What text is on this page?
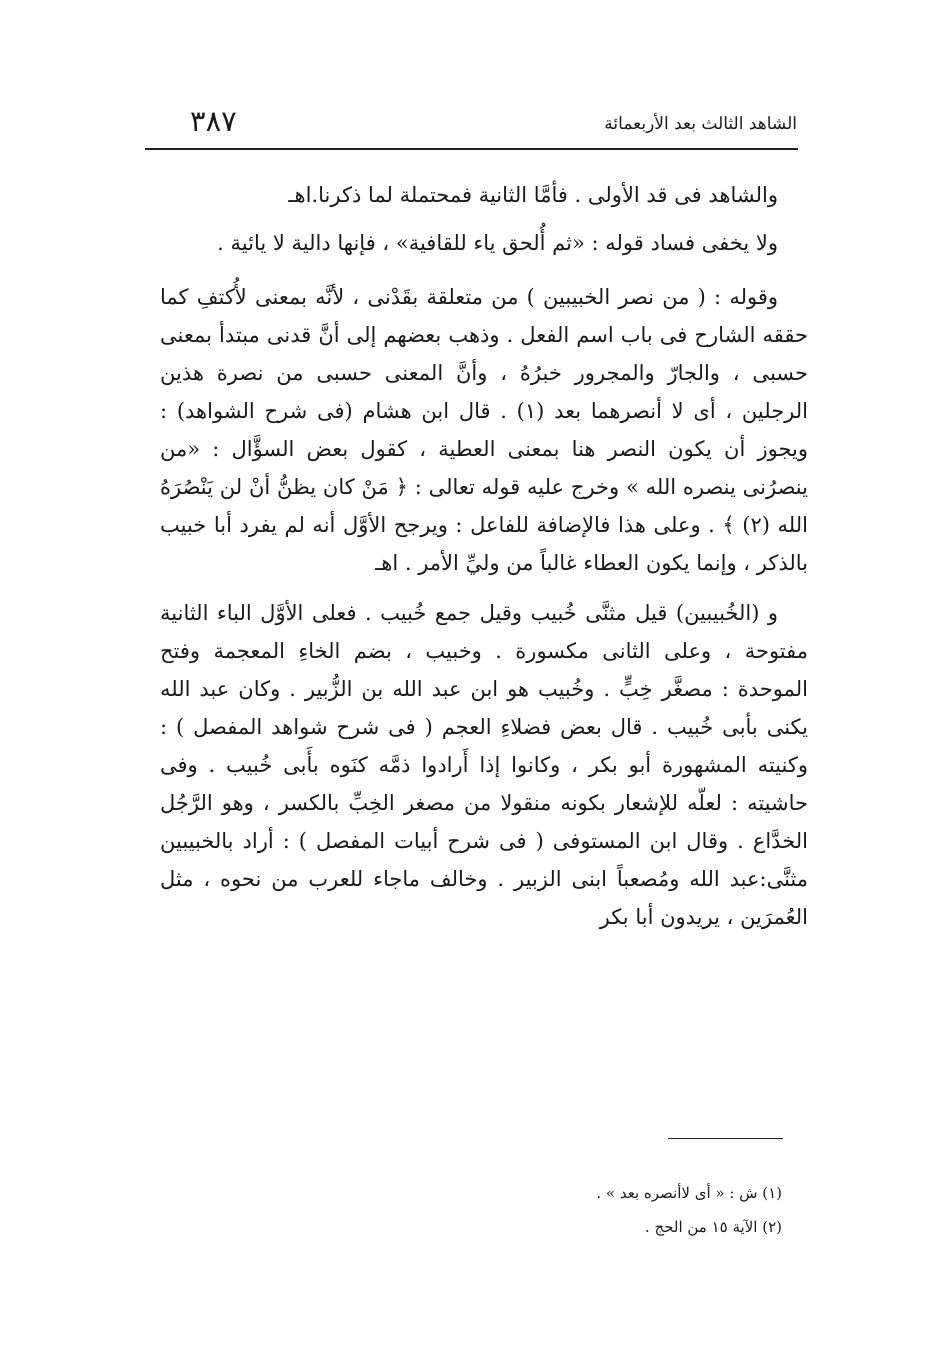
٣٨٧	الشاهد الثالث بعد الأربعمائة

والشاهد فى قد الأولى . فأمَّا الثانية فمحتملة لما ذكرنا.اهـ

ولا يخفى فساد قوله : «ثم أُلحق ياء للقافية» ، فإنها دالية لا يائية .

وقوله : ( من نصر الخبيبين ) من متعلقة بقَدْنى ، لأنَّه بمعنى لأُكتفِ كما حققه الشارح فى باب اسم الفعل . وذهب بعضهم إلى أنَّ قدنى مبتدأ بمعنى حسبى ، والجارّ والمجرور خبرُهُ ، وأنَّ المعنى حسبى من نصرة هذين الرجلين ، أى لا أنصرهما بعد (١) . قال ابن هشام (فى شرح الشواهد) : ويجوز أن يكون النصر هنا بمعنى العطية ، كقول بعض السؤَّال : «من ينصرُنى ينصره الله » وخرج عليه قوله تعالى : ﴿ مَنْ كان يظنُّ أنْ لن يَنْصُرَهُ الله (٢) ﴾ . وعلى هذا فالإضافة للفاعل : ويرجح الأوَّل أنه لم يفرد أبا خبيب بالذكر ، وإنما يكون العطاء غالباً من وليِّ الأمر . اهـ

و (الخُبيبين) قيل مثنَّى خُبيب وقيل جمع خُبيب . فعلى الأوَّل الباء الثانية مفتوحة ، وعلى الثانى مكسورة . وخبيب ، بضم الخاءِ المعجمة وفتح الموحدة : مصغَّر خِبٍّ . وخُبيب هو ابن عبد الله بن الزُّبير . وكان عبد الله يكنى بأبى خُبيب . قال بعض فضلاءِ العجم ( فى شرح شواهد المفصل ) : وكنيته المشهورة أبو بكر ، وكانوا إذا أَرادوا ذمَّه كنَوه بأَبى خُبيب . وفى حاشيته : لعلّه للإشعار بكونه منقولا من مصغر الخِبِّ بالكسر ، وهو الرَّجُل الخدَّاع . وقال ابن المستوفى ( فى شرح أبيات المفصل ) : أراد بالخبيبين مثنَّى:عبد الله ومُصعباً ابنى الزبير . وخالف ماجاء للعرب من نحوه ، مثل العُمرَين ، يريدون أبا بكر

(١) ش : « أى لاأنصره بعد » .

(٢) الآية ١٥ من الحج .
